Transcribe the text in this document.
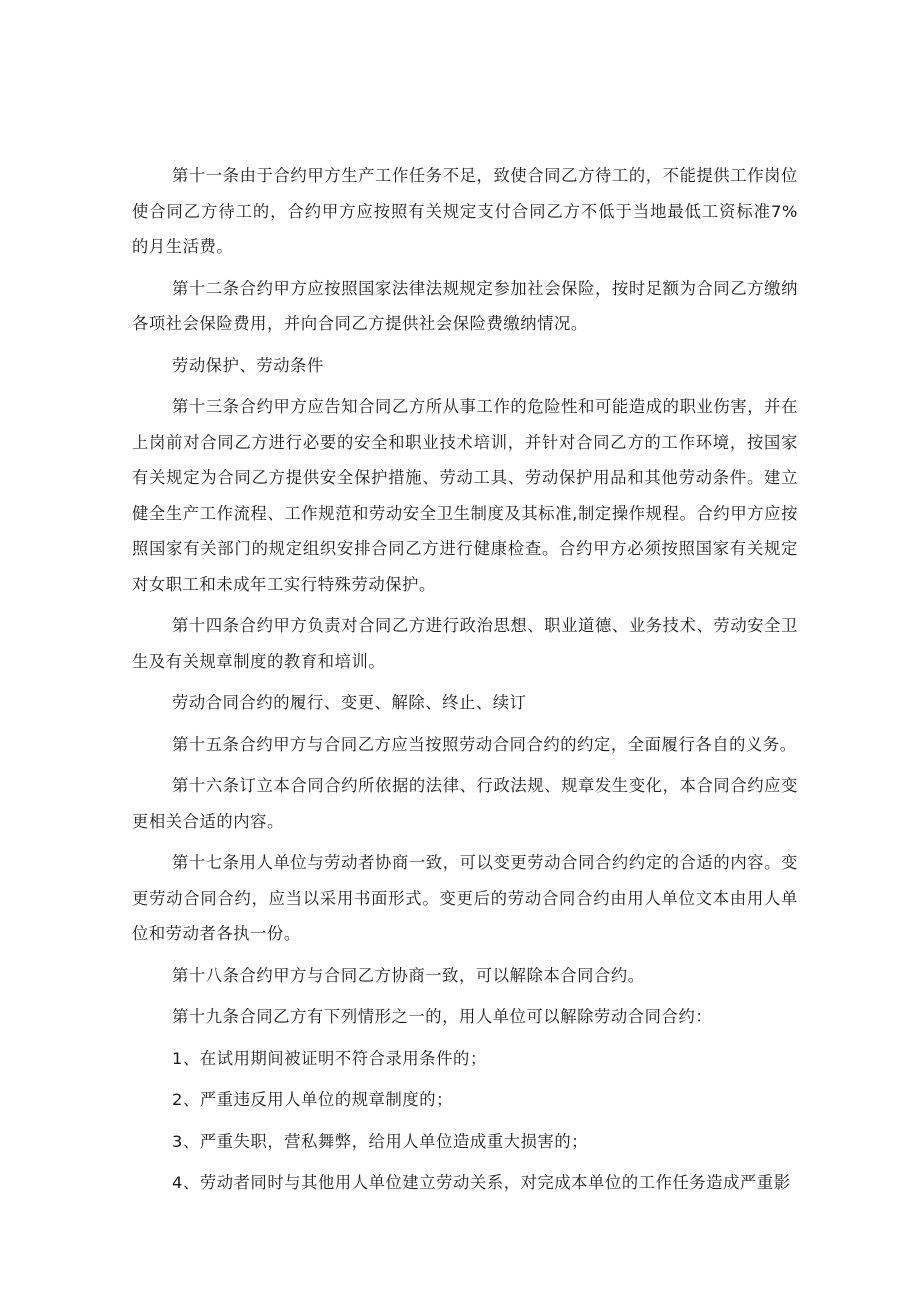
第十一条由于合约甲方生产工作任务不足，致使合同乙方待工的，不能提供工作岗位使合同乙方待工的，合约甲方应按照有关规定支付合同乙方不低于当地最低工资标准7%的月生活费。

第十二条合约甲方应按照国家法律法规规定参加社会保险，按时足额为合同乙方缴纳各项社会保险费用，并向合同乙方提供社会保险费缴纳情况。

劳动保护、劳动条件

第十三条合约甲方应告知合同乙方所从事工作的危险性和可能造成的职业伤害，并在上岗前对合同乙方进行必要的安全和职业技术培训，并针对合同乙方的工作环境，按国家有关规定为合同乙方提供安全保护措施、劳动工具、劳动保护用品和其他劳动条件。建立健全生产工作流程、工作规范和劳动安全卫生制度及其标准,制定操作规程。合约甲方应按照国家有关部门的规定组织安排合同乙方进行健康检查。合约甲方必须按照国家有关规定对女职工和未成年工实行特殊劳动保护。

第十四条合约甲方负责对合同乙方进行政治思想、职业道德、业务技术、劳动安全卫生及有关规章制度的教育和培训。

劳动合同合约的履行、变更、解除、终止、续订

第十五条合约甲方与合同乙方应当按照劳动合同合约的约定，全面履行各自的义务。

第十六条订立本合同合约所依据的法律、行政法规、规章发生变化，本合同合约应变更相关合适的内容。

第十七条用人单位与劳动者协商一致，可以变更劳动合同合约约定的合适的内容。变更劳动合同合约，应当以采用书面形式。变更后的劳动合同合约由用人单位文本由用人单位和劳动者各执一份。

第十八条合约甲方与合同乙方协商一致，可以解除本合同合约。

第十九条合同乙方有下列情形之一的，用人单位可以解除劳动合同合约：

1、在试用期间被证明不符合录用条件的；

2、严重违反用人单位的规章制度的；

3、严重失职，营私舞弊，给用人单位造成重大损害的；

4、劳动者同时与其他用人单位建立劳动关系，对完成本单位的工作任务造成严重影
